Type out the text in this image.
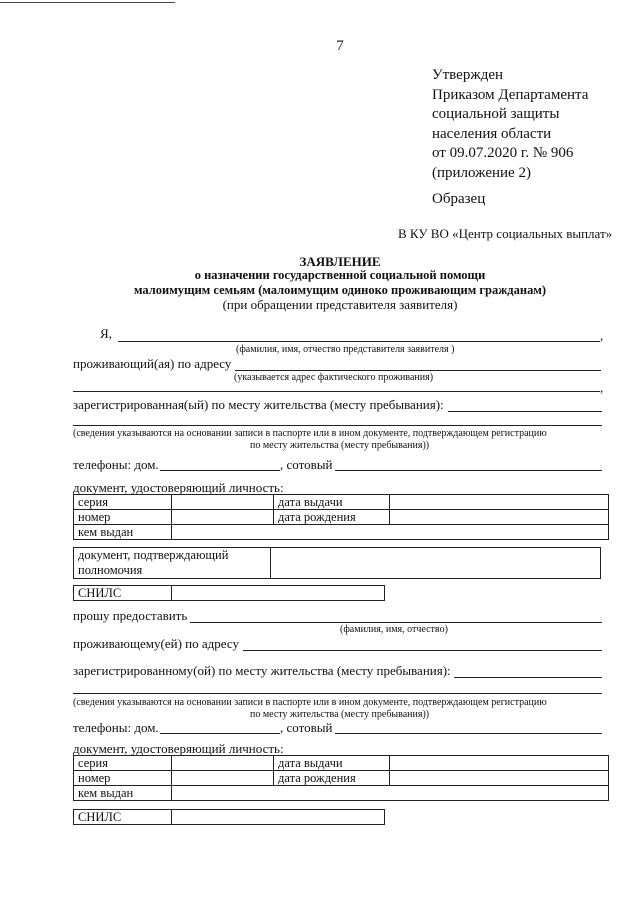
7
Утвержден
Приказом Департамента
социальной защиты
населения области
от 09.07.2020 г. № 906
(приложение 2)
Образец
В КУ ВО «Центр социальных выплат»
ЗАЯВЛЕНИЕ
о назначении государственной социальной помощи
малоимущим семьям (малоимущим одиноко проживающим гражданам)
(при обращении представителя заявителя)
Я,	,
(фамилия, имя, отчество представителя заявителя )
проживающий(ая) по адресу
(указывается адрес фактического проживания)
,
зарегистрированная(ый) по месту жительства (месту пребывания):
(сведения указываются на основании записи в паспорте или в ином документе, подтверждающем регистрацию
по месту жительства (месту пребывания))
телефоны: дом.	, сотовый
документ, удостоверяющий личность:
серия		дата выдачи	
номер		дата рождения	
кем выдан			
документ, подтверждающий
полномочия

СНИЛС	
прошу предоставить
(фамилия, имя, отчество)
проживающему(ей) по адресу
зарегистрированному(ой) по месту жительства (месту пребывания):
(сведения указываются на основании записи в паспорте или в ином документе, подтверждающем регистрацию
по месту жительства (месту пребывания))
телефоны: дом.	, сотовый
документ, удостоверяющий личность:
серия		дата выдачи	
номер		дата рождения	
кем выдан			
СНИЛС	
